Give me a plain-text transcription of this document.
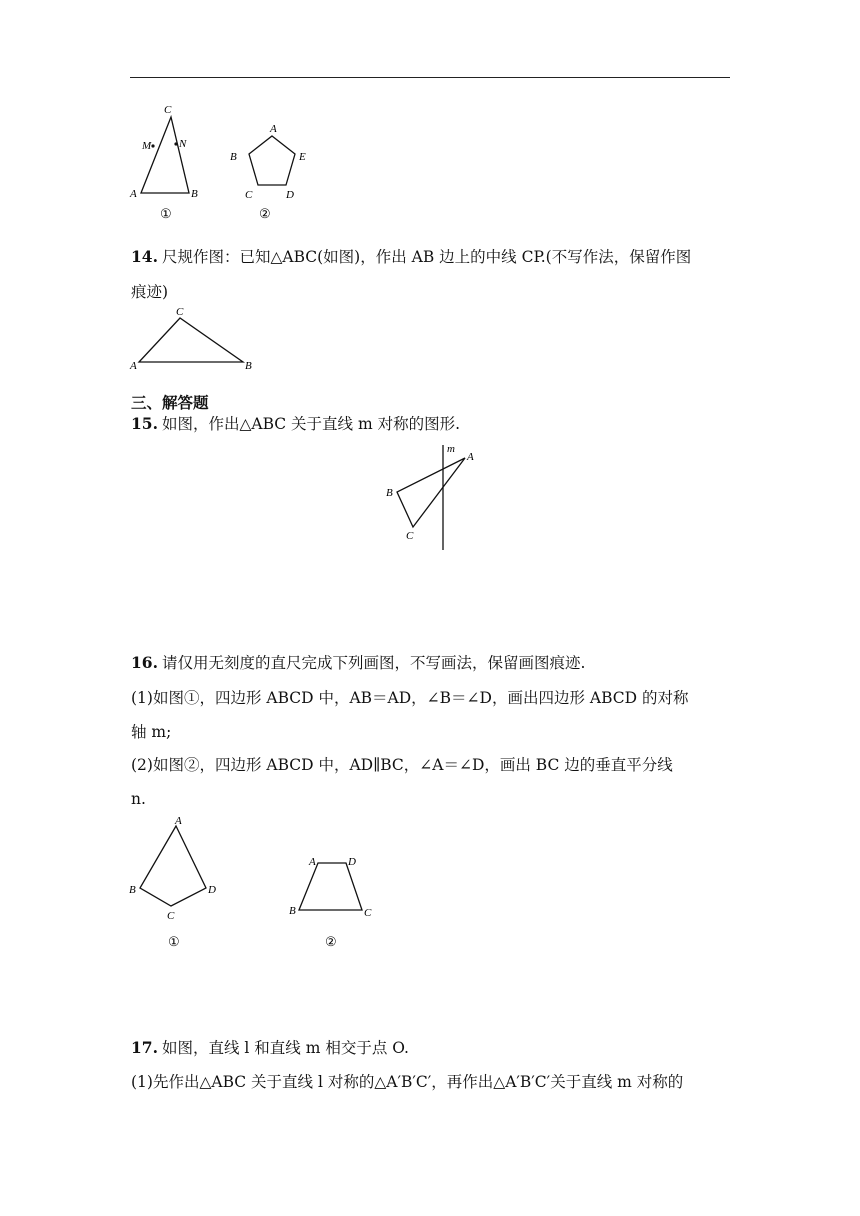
C
M	N
A	B
①
A
B	E
C	D
②
14. 尺规作图：已知△ABC(如图)，作出 AB 边上的中线 CP.(不写作法，保留作图
痕迹)
C
A	B
三、解答题
15. 如图，作出△ABC 关于直线 m 对称的图形.
m
A
B
C
16. 请仅用无刻度的直尺完成下列画图，不写画法，保留画图痕迹.
(1)如图①，四边形 ABCD 中，AB＝AD，∠B＝∠D，画出四边形 ABCD 的对称
轴 m;
(2)如图②，四边形 ABCD 中，AD∥BC，∠A＝∠D，画出 BC 边的垂直平分线
n.
A
B	D
C
①
A	D
B	C
②
17. 如图，直线 l 和直线 m 相交于点 O.
(1)先作出△ABC 关于直线 l 对称的△A′B′C′，再作出△A′B′C′关于直线 m 对称的
